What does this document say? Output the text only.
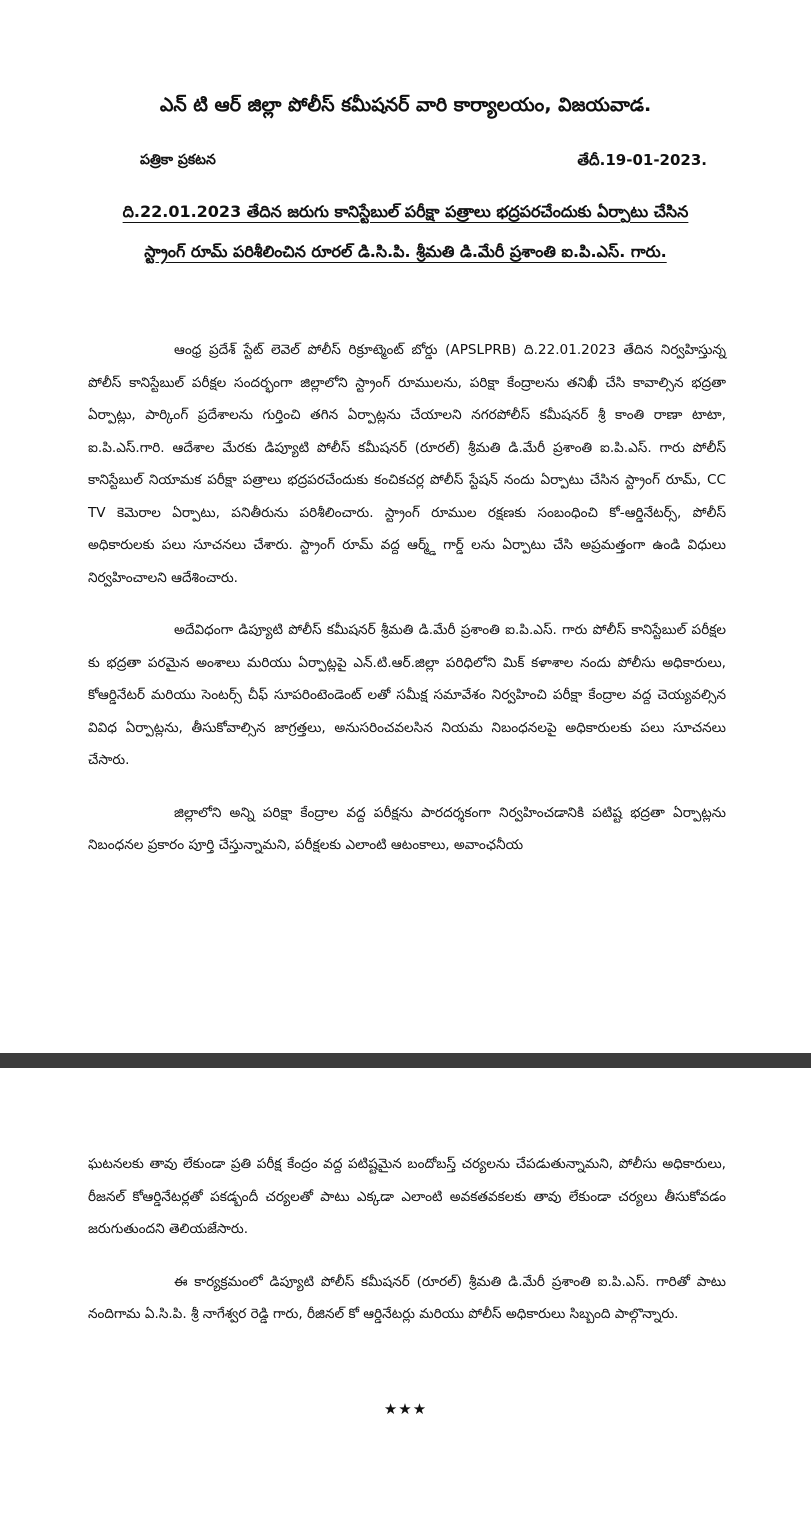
ఎన్ టి ఆర్ జిల్లా పోలీస్ కమీషనర్ వారి కార్యాలయం, విజయవాడ.
పత్రికా ప్రకటన	తేదీ.19-01-2023.
ది.22.01.2023 తేదిన జరుగు కానిస్టేబుల్ పరీక్షా పత్రాలు భద్రపరచేందుకు ఏర్పాటు చేసిన
స్ట్రాంగ్ రూమ్ పరిశీలించిన రూరల్ డి.సి.పి. శ్రీమతి డి.మేరీ ప్రశాంతి ఐ.పి.ఎస్. గారు.

ఆంధ్ర ప్రదేశ్ స్టేట్ లెవెల్ పోలీస్ రిక్రూట్మెంట్ బోర్డు (APSLPRB) ది.22.01.2023 తేదిన నిర్వహిస్తున్న పోలీస్ కానిస్టేబుల్ పరీక్షల సందర్భంగా జిల్లాలోని స్ట్రాంగ్ రూములను, పరిక్షా కేంద్రాలను తనిఖీ చేసి కావాల్సిన భద్రతా ఏర్పాట్లు, పార్కింగ్ ప్రదేశాలను గుర్తించి తగిన ఏర్పాట్లను చేయాలని నగరపోలీస్ కమీషనర్ శ్రీ కాంతి రాణా టాటా, ఐ.పి.ఎస్.గారి. ఆదేశాల మేరకు డిప్యూటి పోలీస్ కమీషనర్ (రూరల్) శ్రీమతి డి.మేరీ ప్రశాంతి ఐ.పి.ఎస్. గారు పోలీస్ కానిస్టేబుల్ నియామక పరీక్షా పత్రాలు భద్రపరచేందుకు కంచికచర్ల పోలీస్ స్టేషన్ నందు ఏర్పాటు చేసిన స్ట్రాంగ్ రూమ్, CC TV కెమెరాల ఏర్పాటు, పనితీరును పరిశీలించారు. స్ట్రాంగ్ రూముల రక్షణకు సంబంధించి కో-ఆర్డినేటర్స్, పోలీస్ అధికారులకు పలు సూచనలు చేశారు. స్ట్రాంగ్ రూమ్ వద్ద ఆర్మ్డ్ గార్డ్ లను ఏర్పాటు చేసి అప్రమత్తంగా ఉండి విధులు నిర్వహించాలని ఆదేశించారు.

అదేవిధంగా డిప్యూటి పోలీస్ కమీషనర్ శ్రీమతి డి.మేరీ ప్రశాంతి ఐ.పి.ఎస్. గారు పోలీస్ కానిస్టేబుల్ పరీక్షల కు భద్రతా పరమైన అంశాలు మరియు ఏర్పాట్లపై ఎన్.టి.ఆర్.జిల్లా పరిధిలోని మిక్ కళాశాల నందు పోలీసు అధికారులు, కోఆర్డినేటర్ మరియు సెంటర్స్ చీఫ్ సూపరింటెండెంట్ లతో సమీక్ష సమావేశం నిర్వహించి పరీక్షా కేంద్రాల వద్ద చెయ్యవల్సిన వివిధ ఏర్పాట్లను, తీసుకోవాల్సిన జాగ్రత్తలు, అనుసరించవలసిన నియమ నిబంధనలపై అధికారులకు పలు సూచనలు చేసారు.

జిల్లాలోని అన్ని పరిక్షా కేంద్రాల వద్ద పరీక్షను పారదర్శకంగా నిర్వహించడానికి పటిష్ట భద్రతా ఏర్పాట్లను నిబంధనల ప్రకారం పూర్తి చేస్తున్నామని, పరీక్షలకు ఎలాంటి ఆటంకాలు, అవాంఛనీయ

ఘటనలకు తావు లేకుండా ప్రతి పరీక్ష కేంద్రం వద్ద పటిష్టమైన బందోబస్త్ చర్యలను చేపడుతున్నామని, పోలీసు అధికారులు, రీజనల్ కోఆర్డినేటర్లతో పకడ్బందీ చర్యలతో పాటు ఎక్కడా ఎలాంటి అవకతవకలకు తావు లేకుండా చర్యలు తీసుకోవడం జరుగుతుందని తెలియజేసారు.

ఈ కార్యక్రమంలో డిప్యూటి పోలీస్ కమీషనర్ (రూరల్) శ్రీమతి డి.మేరీ ప్రశాంతి ఐ.పి.ఎస్. గారితో పాటు నందిగామ ఏ.సి.పి. శ్రీ నాగేశ్వర రెడ్డి గారు, రీజినల్ కో ఆర్డినేటర్లు మరియు పోలీస్ అధికారులు సిబ్బంది పాల్గొన్నారు.

★★★
